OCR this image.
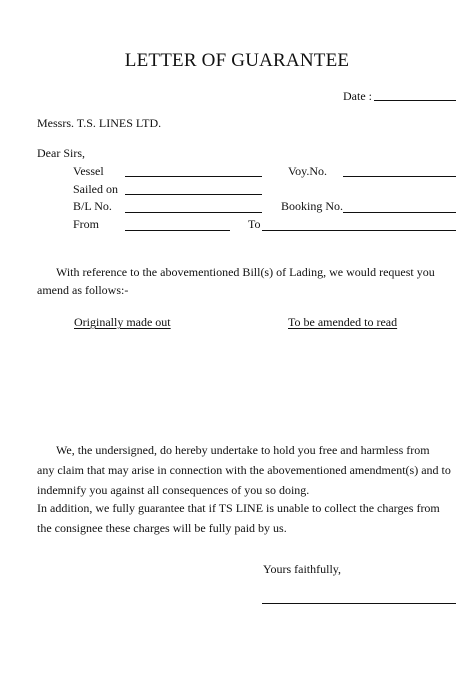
LETTER OF GUARANTEE
Date :
Messrs. T.S. LINES LTD.
Dear Sirs,
Vessel	Voy.No.
Sailed on
B/L No.	Booking No.
From	To
With reference to the abovementioned Bill(s) of Lading, we would request you
amend as follows:-
Originally made out	To be amended to read
We, the undersigned, do hereby undertake to hold you free and harmless from
any claim that may arise in connection with the abovementioned amendment(s) and to
indemnify you against all consequences of you so doing.
In addition, we fully guarantee that if TS LINE is unable to collect the charges from
the consignee these charges will be fully paid by us.
Yours faithfully,
